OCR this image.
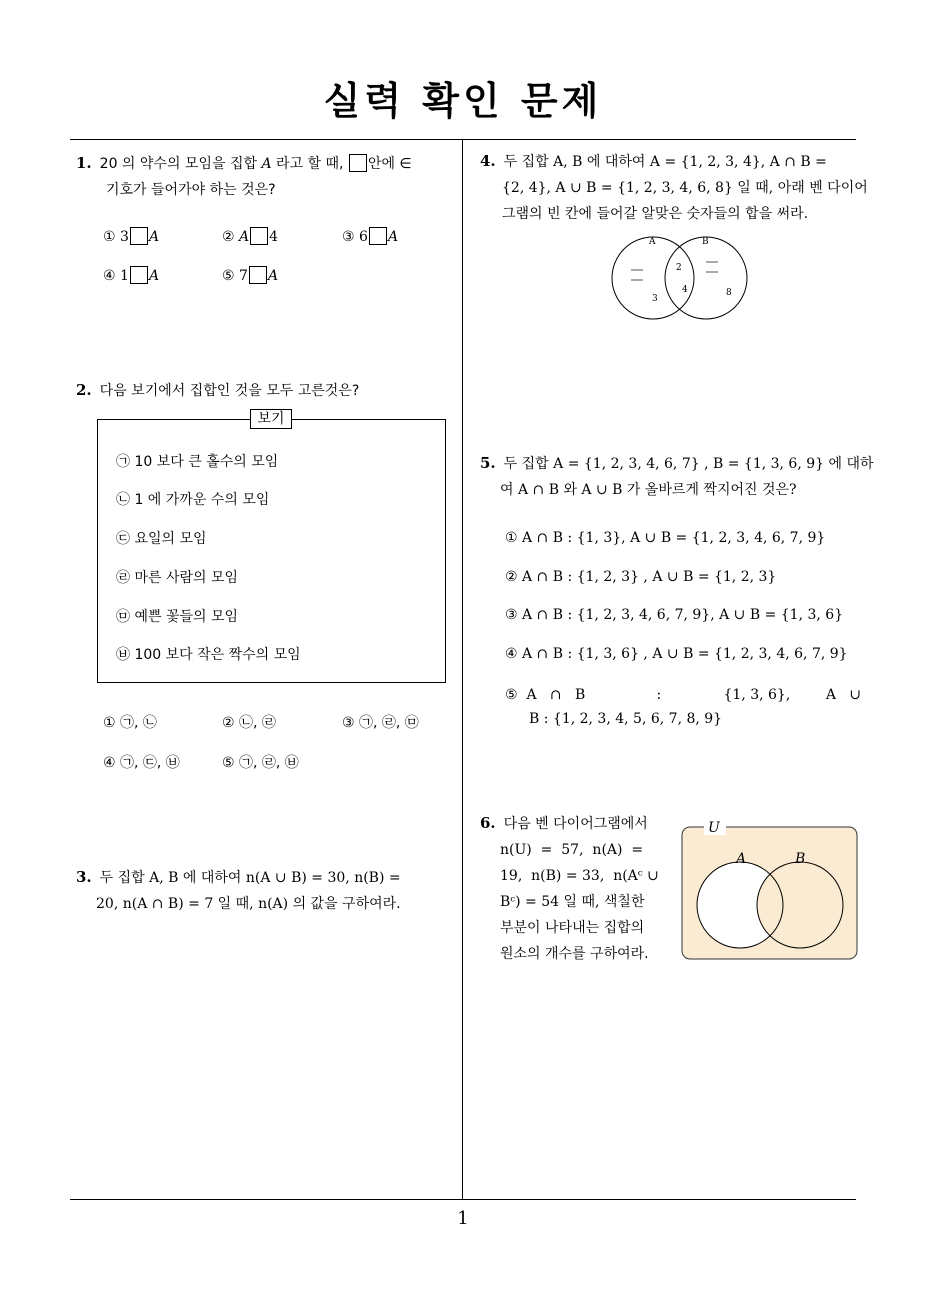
실력 확인 문제
1. 20 의 약수의 모임을 집합 A 라고 할 때, 안에 ∈
기호가 들어가야 하는 것은?
① 3 A	② A 4	③ 6 A
④ 1 A	⑤ 7 A
2. 다음 보기에서 집합인 것을 모두 고른것은?
보기
㉠ 10 보다 큰 홀수의 모임
㉡ 1 에 가까운 수의 모임
㉢ 요일의 모임
㉣ 마른 사람의 모임
㉤ 예쁜 꽃들의 모임
㉥ 100 보다 작은 짝수의 모임
① ㉠, ㉡	② ㉡, ㉣	③ ㉠, ㉣, ㉤
④ ㉠, ㉢, ㉥	⑤ ㉠, ㉣, ㉥
3. 두 집합 A, B 에 대하여 n(A ∪ B) = 30, n(B) =
20, n(A ∩ B) = 7 일 때, n(A) 의 값을 구하여라.
4. 두 집합 A, B 에 대하여 A = {1, 2, 3, 4}, A ∩ B =
{2, 4}, A ∪ B = {1, 2, 3, 4, 6, 8} 일 때, 아래 벤 다이어
그램의 빈 칸에 들어갈 알맞은 숫자들의 합을 써라.
A	B
2
4
3
8
5. 두 집합 A = {1, 2, 3, 4, 6, 7} , B = {1, 3, 6, 9} 에 대하
여 A ∩ B 와 A ∪ B 가 올바르게 짝지어진 것은?
① A ∩ B : {1, 3}, A ∪ B = {1, 2, 3, 4, 6, 7, 9}
② A ∩ B : {1, 2, 3} , A ∪ B = {1, 2, 3}
③ A ∩ B : {1, 2, 3, 4, 6, 7, 9}, A ∪ B = {1, 3, 6}
④ A ∩ B : {1, 3, 6} , A ∪ B = {1, 2, 3, 4, 6, 7, 9}
⑤  A   ∩   B                :              {1, 3, 6},        A   ∪
B : {1, 2, 3, 4, 5, 6, 7, 8, 9}
6. 다음 벤 다이어그램에서
n(U)  =  57,  n(A)  =
19,  n(B) = 33,  n(Aᶜ ∪
Bᶜ) = 54 일 때, 색칠한
부분이 나타내는 집합의
원소의 개수를 구하여라.
U
A	B
1
